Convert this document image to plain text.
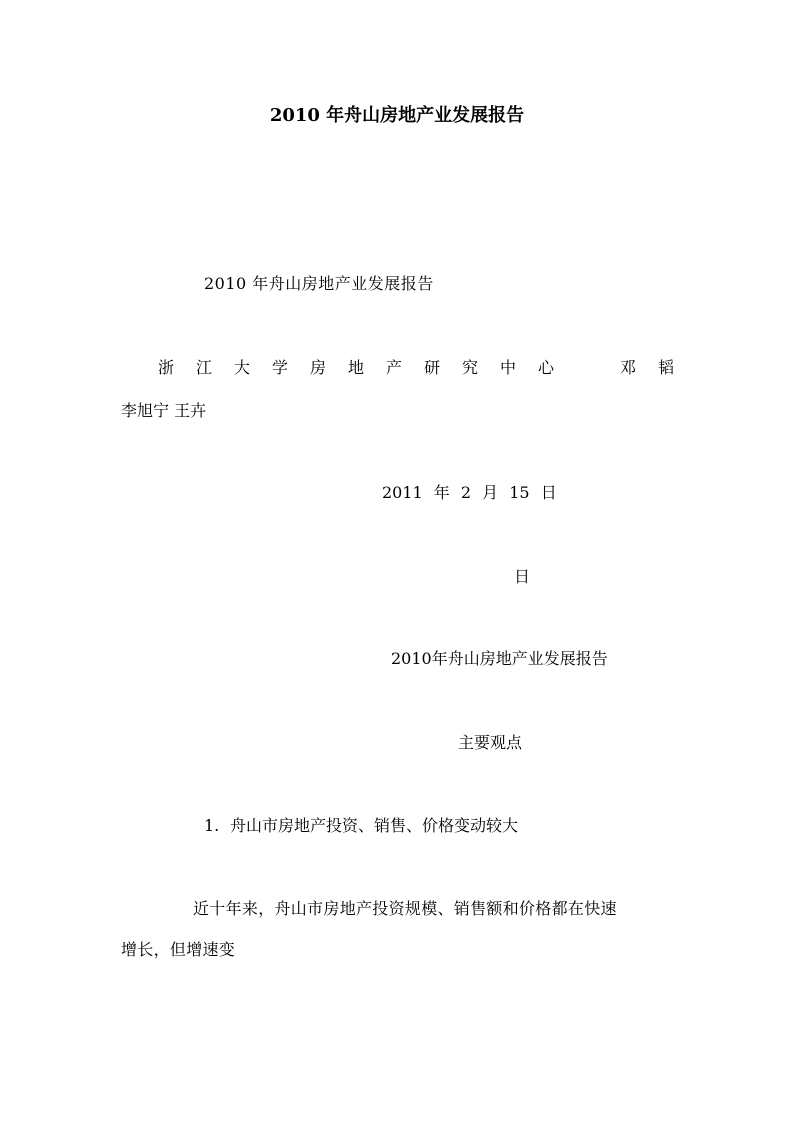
2010 年舟山房地产业发展报告
2010 年舟山房地产业发展报告
浙江大学房地产研究中心	邓韬
李旭宁 王卉
2011 年 2 月 15 日
日
2010年舟山房地产业发展报告
主要观点
1. 舟山市房地产投资、销售、价格变动较大
近十年来，舟山市房地产投资规模、销售额和价格都在快速
增长，但增速变
